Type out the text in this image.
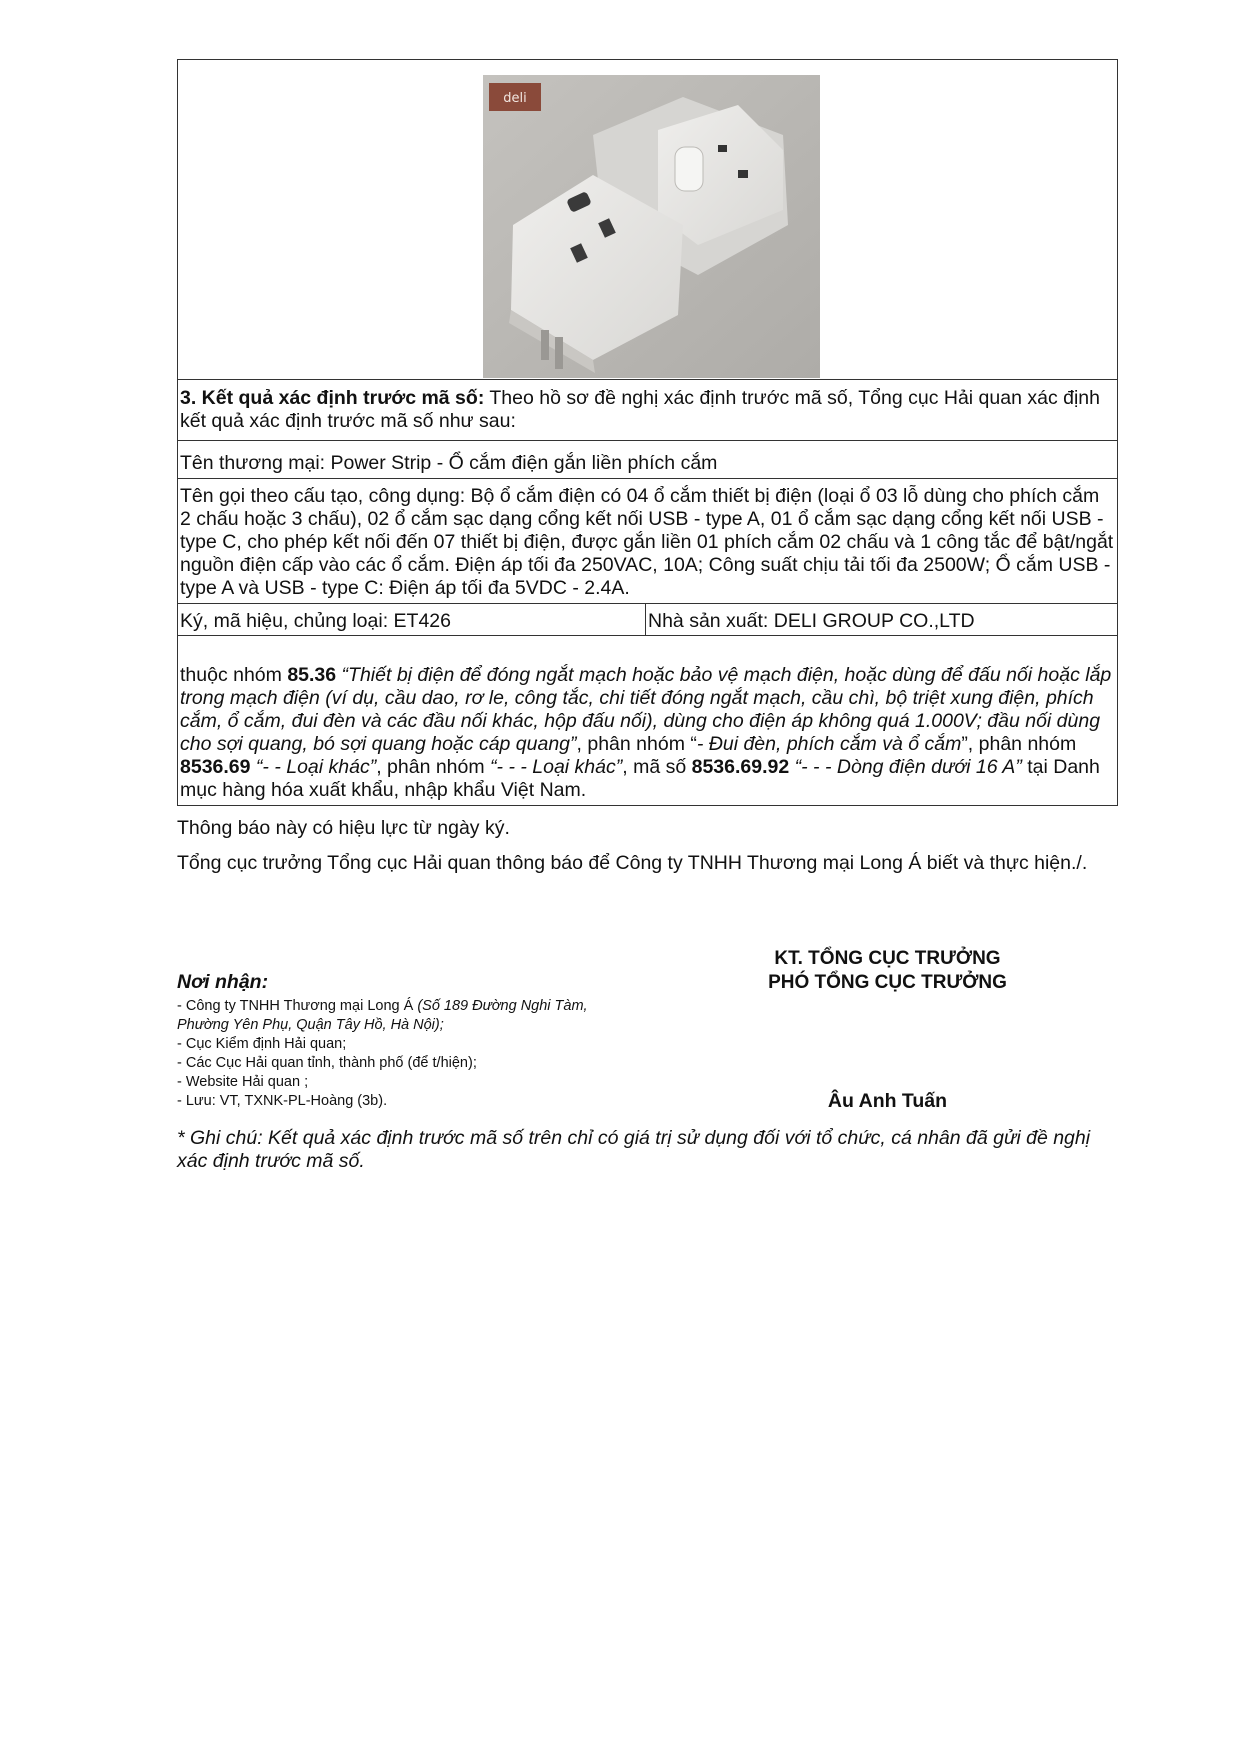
deli
3. Kết quả xác định trước mã số: Theo hồ sơ đề nghị xác định trước mã số, Tổng cục Hải quan xác định kết quả xác định trước mã số như sau:
Tên thương mại: Power Strip - Ổ cắm điện gắn liền phích cắm
Tên gọi theo cấu tạo, công dụng: Bộ ổ cắm điện có 04 ổ cắm thiết bị điện (loại ổ 03 lỗ dùng cho phích cắm 2 chấu hoặc 3 chấu), 02 ổ cắm sạc dạng cổng kết nối USB - type A, 01 ổ cắm sạc dạng cổng kết nối USB - type C, cho phép kết nối đến 07 thiết bị điện, được gắn liền 01 phích cắm 02 chấu và 1 công tắc để bật/ngắt nguồn điện cấp vào các ổ cắm. Điện áp tối đa 250VAC, 10A; Công suất chịu tải tối đa 2500W; Ổ cắm USB - type A và USB - type C: Điện áp tối đa 5VDC - 2.4A.
Ký, mã hiệu, chủng loại: ET426	Nhà sản xuất: DELI GROUP CO.,LTD
thuộc nhóm 85.36 “Thiết bị điện để đóng ngắt mạch hoặc bảo vệ mạch điện, hoặc dùng để đấu nối hoặc lắp trong mạch điện (ví dụ, cầu dao, rơ le, công tắc, chi tiết đóng ngắt mạch, cầu chì, bộ triệt xung điện, phích cắm, ổ cắm, đui đèn và các đầu nối khác, hộp đấu nối), dùng cho điện áp không quá 1.000V; đầu nối dùng cho sợi quang, bó sợi quang hoặc cáp quang”, phân nhóm “- Đui đèn, phích cắm và ổ cắm”, phân nhóm 8536.69 “- - Loại khác”, phân nhóm “- - - Loại khác”, mã số 8536.69.92 “- - - Dòng điện dưới 16 A” tại Danh mục hàng hóa xuất khẩu, nhập khẩu Việt Nam.
Thông báo này có hiệu lực từ ngày ký.
Tổng cục trưởng Tổng cục Hải quan thông báo để Công ty TNHH Thương mại Long Á biết và thực hiện./.
KT. TỔNG CỤC TRƯỞNG
PHÓ TỔNG CỤC TRƯỞNG
Âu Anh Tuấn
Nơi nhận:
- Công ty TNHH Thương mại Long Á (Số 189 Đường Nghi Tàm, Phường Yên Phụ, Quận Tây Hồ, Hà Nội);
- Cục Kiểm định Hải quan;
- Các Cục Hải quan tỉnh, thành phố (để t/hiện);
- Website Hải quan ;
- Lưu: VT, TXNK-PL-Hoàng (3b).
* Ghi chú: Kết quả xác định trước mã số trên chỉ có giá trị sử dụng đối với tổ chức, cá nhân đã gửi đề nghị xác định trước mã số.
